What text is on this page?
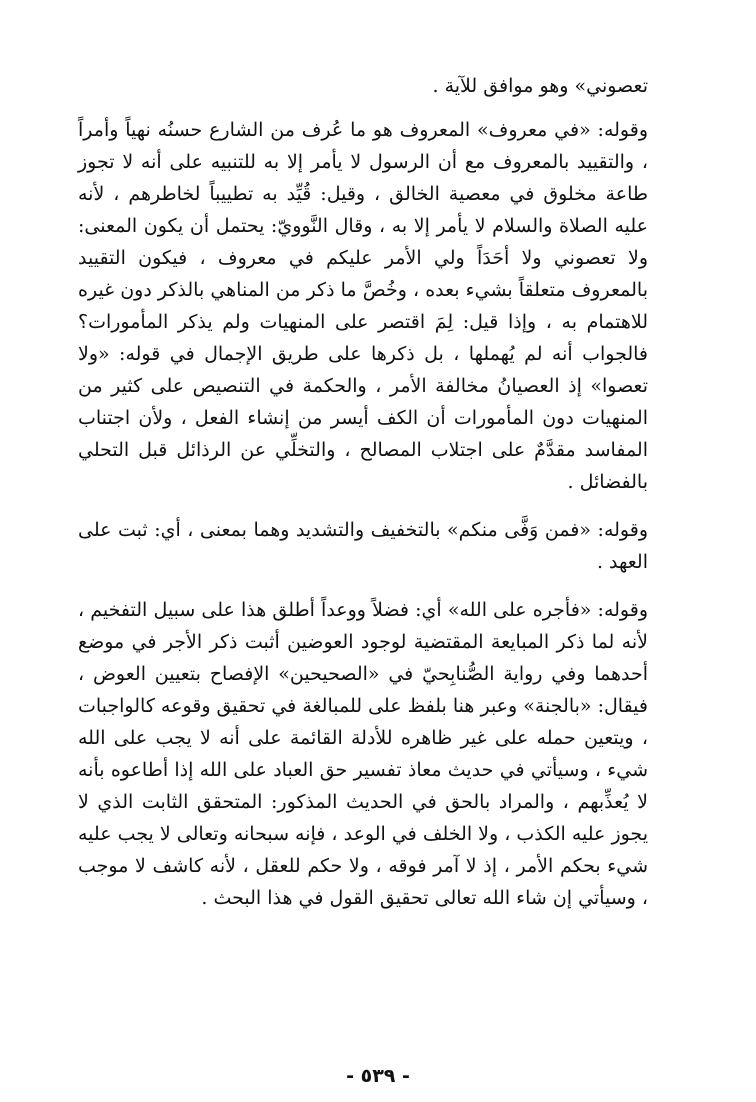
تعصوني» وهو موافق للآية .

وقوله: «في معروف» المعروف هو ما عُرف من الشارع حسنُه نهياً وأمراً ، والتقييد بالمعروف مع أن الرسول لا يأمر إلا به للتنبيه على أنه لا تجوز طاعة مخلوق في معصية الخالق ، وقيل: قُيِّد به تطييباً لخاطرهم ، لأنه عليه الصلاة والسلام لا يأمر إلا به ، وقال النَّوويّ: يحتمل أن يكون المعنى: ولا تعصوني ولا أحَدَاً ولي الأمر عليكم في معروف ، فيكون التقييد بالمعروف متعلقاً بشيء بعده ، وخُصَّ ما ذكر من المناهي بالذكر دون غيره للاهتمام به ، وإذا قيل: لِمَ اقتصر على المنهيات ولم يذكر المأمورات؟ فالجواب أنه لم يُهملها ، بل ذكرها على طريق الإجمال في قوله: «ولا تعصوا» إذ العصيانُ مخالفة الأمر ، والحكمة في التنصيص على كثير من المنهيات دون المأمورات أن الكف أيسر من إنشاء الفعل ، ولأن اجتناب المفاسد مقدَّمٌ على اجتلاب المصالح ، والتخلِّي عن الرذائل قبل التحلي بالفضائل .

وقوله: «فمن وَفَّى منكم» بالتخفيف والتشديد وهما بمعنى ، أي: ثبت على العهد .

وقوله: «فأجره على الله» أي: فضلاً ووعداً أطلق هذا على سبيل التفخيم ، لأنه لما ذكر المبايعة المقتضية لوجود العوضين أثبت ذكر الأجر في موضع أحدهما وفي رواية الصُّنابِحيّ في «الصحيحين» الإفصاح بتعيين العوض ، فيقال: «بالجنة» وعبر هنا بلفظ على للمبالغة في تحقيق وقوعه كالواجبات ، ويتعين حمله على غير ظاهره للأدلة القائمة على أنه لا يجب على الله شيء ، وسيأتي في حديث معاذ تفسير حق العباد على الله إذا أطاعوه بأنه لا يُعذِّبهم ، والمراد بالحق في الحديث المذكور: المتحقق الثابت الذي لا يجوز عليه الكذب ، ولا الخلف في الوعد ، فإنه سبحانه وتعالى لا يجب عليه شيء بحكم الأمر ، إذ لا آمر فوقه ، ولا حكم للعقل ، لأنه كاشف لا موجب ، وسيأتي إن شاء الله تعالى تحقيق القول في هذا البحث .

- ٥٣٩ -
